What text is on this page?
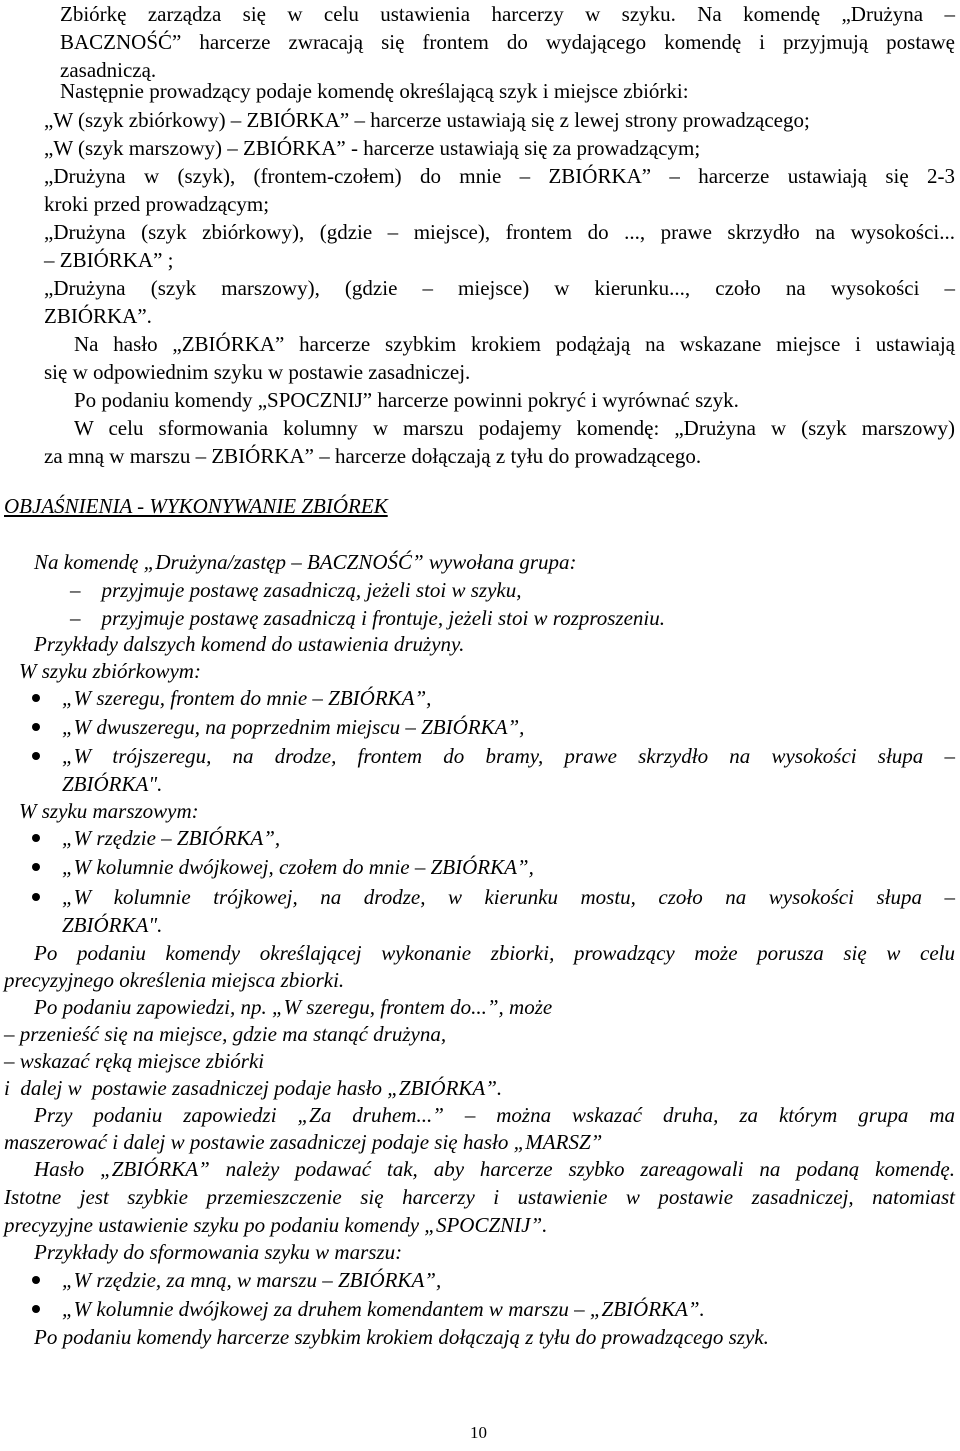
Zbiórkę zarządza się w celu ustawienia harcerzy w szyku. Na komendę „Drużyna –
BACZNOŚĆ” harcerze zwracają się frontem do wydającego komendę i przyjmują postawę
zasadniczą.
Następnie prowadzący podaje komendę określającą szyk i miejsce zbiórki:
„W (szyk zbiórkowy) – ZBIÓRKA” – harcerze ustawiają się z lewej strony prowadzącego;
„W (szyk marszowy) – ZBIÓRKA” - harcerze ustawiają się za prowadzącym;
„Drużyna w (szyk), (frontem-czołem) do mnie – ZBIÓRKA” – harcerze ustawiają się 2-3
kroki przed prowadzącym;
„Drużyna (szyk zbiórkowy), (gdzie – miejsce), frontem do ..., prawe skrzydło na wysokości...
– ZBIÓRKA” ;
„Drużyna (szyk marszowy), (gdzie – miejsce) w kierunku..., czoło na wysokości –
ZBIÓRKA”.
Na hasło „ZBIÓRKA” harcerze szybkim krokiem podążają na wskazane miejsce i ustawiają
się w odpowiednim szyku w postawie zasadniczej.
Po podaniu komendy „SPOCZNIJ” harcerze powinni pokryć i wyrównać szyk.
W celu sformowania kolumny w marszu podajemy komendę: „Drużyna w (szyk marszowy)
za mną w marszu – ZBIÓRKA” – harcerze dołączają z tyłu do prowadzącego.
OBJAŚNIENIA - WYKONYWANIE ZBIÓREK
Na komendę „Drużyna/zastęp – BACZNOŚĆ” wywołana grupa:
–    przyjmuje postawę zasadniczą, jeżeli stoi w szyku,
–    przyjmuje postawę zasadniczą i frontuje, jeżeli stoi w rozproszeniu.
Przykłady dalszych komend do ustawienia drużyny.
W szyku zbiórkowym:
„W szeregu, frontem do mnie – ZBIÓRKA”,
„W dwuszeregu, na poprzednim miejscu – ZBIÓRKA”,
„W trójszeregu, na drodze, frontem do bramy, prawe skrzydło na wysokości słupa –
ZBIÓRKA".
W szyku marszowym:
„W rzędzie – ZBIÓRKA”,
„W kolumnie dwójkowej, czołem do mnie – ZBIÓRKA”,
„W kolumnie trójkowej, na drodze, w kierunku mostu, czoło na wysokości słupa –
ZBIÓRKA".
Po podaniu komendy określającej wykonanie zbiorki, prowadzący może porusza się w celu
precyzyjnego określenia miejsca zbiorki.
Po podaniu zapowiedzi, np. „W szeregu, frontem do...”, może
– przenieść się na miejsce, gdzie ma stanąć drużyna,
– wskazać ręką miejsce zbiórki
i  dalej w  postawie zasadniczej podaje hasło „ZBIÓRKA”.
Przy podaniu zapowiedzi „Za druhem...” – można wskazać druha, za którym grupa ma
maszerować i dalej w postawie zasadniczej podaje się hasło „MARSZ”
Hasło „ZBIÓRKA” należy podawać tak, aby harcerze szybko zareagowali na podaną komendę.
Istotne jest szybkie przemieszczenie się harcerzy i ustawienie w postawie zasadniczej, natomiast
precyzyjne ustawienie szyku po podaniu komendy „SPOCZNIJ”.
Przykłady do sformowania szyku w marszu:
„W rzędzie, za mną, w marszu – ZBIÓRKA”,
„W kolumnie dwójkowej za druhem komendantem w marszu – „ZBIÓRKA”.
Po podaniu komendy harcerze szybkim krokiem dołączają z tyłu do prowadzącego szyk.
10
